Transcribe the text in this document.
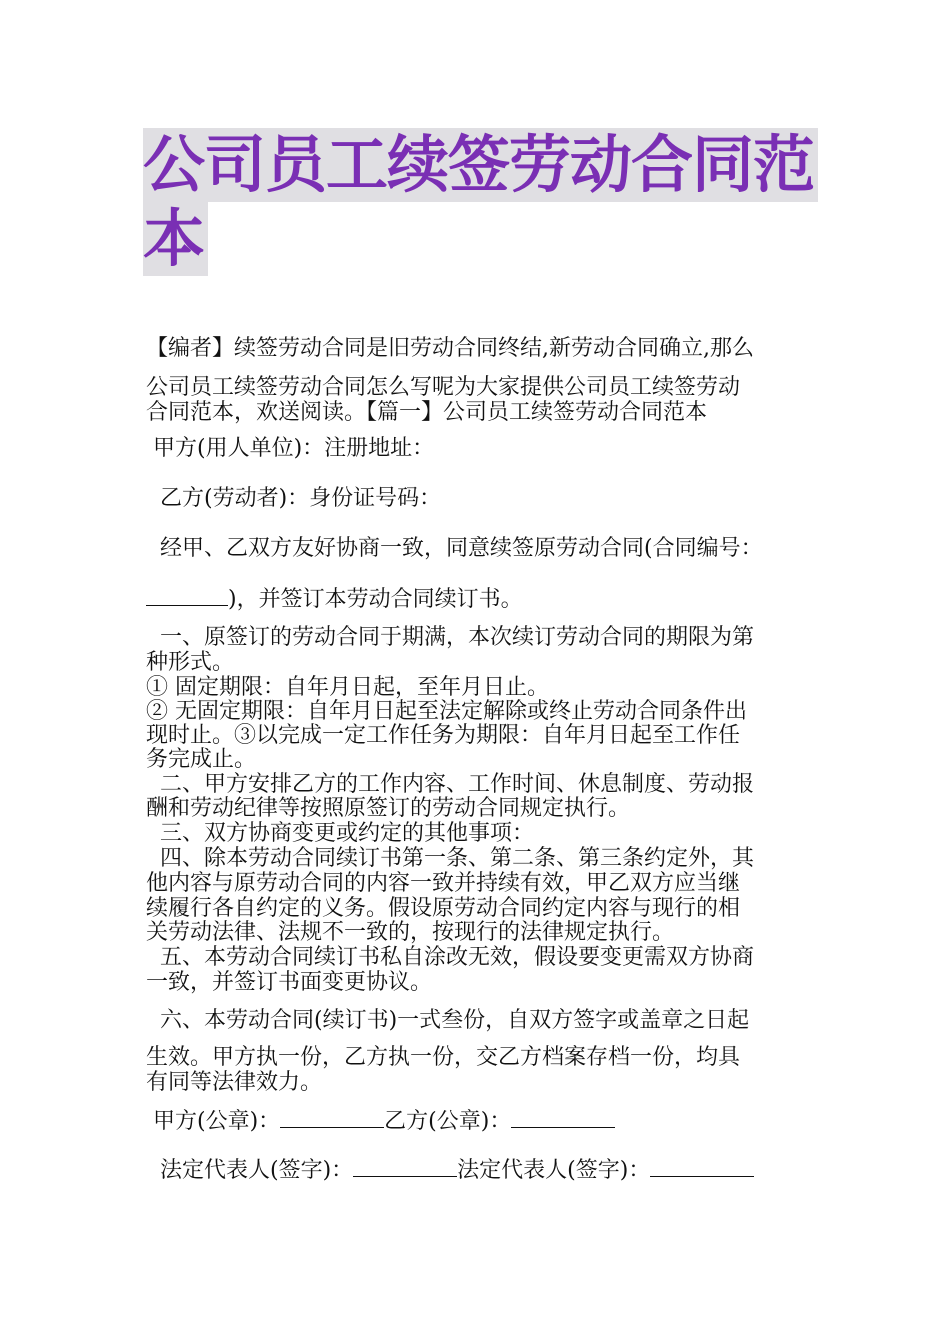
公司员工续签劳动合同范
本

【编者】续签劳动合同是旧劳动合同终结,新劳动合同确立,那么

公司员工续签劳动合同怎么写呢为大家提供公司员工续签劳动

合同范本，欢送阅读。【篇一】公司员工续签劳动合同范本

甲方(用人单位)：注册地址：

乙方(劳动者)：身份证号码：

经甲、乙双方友好协商一致，同意续签原劳动合同(合同编号：

)，并签订本劳动合同续订书。

一、原签订的劳动合同于期满，本次续订劳动合同的期限为第

种形式。

① 固定期限：自年月日起，至年月日止。

② 无固定期限：自年月日起至法定解除或终止劳动合同条件出

现时止。③以完成一定工作任务为期限：自年月日起至工作任

务完成止。

二、甲方安排乙方的工作内容、工作时间、休息制度、劳动报

酬和劳动纪律等按照原签订的劳动合同规定执行。

三、双方协商变更或约定的其他事项：

四、除本劳动合同续订书第一条、第二条、第三条约定外，其

他内容与原劳动合同的内容一致并持续有效，甲乙双方应当继

续履行各自约定的义务。假设原劳动合同约定内容与现行的相

关劳动法律、法规不一致的，按现行的法律规定执行。

五、本劳动合同续订书私自涂改无效，假设要变更需双方协商

一致，并签订书面变更协议。

六、本劳动合同(续订书)一式叁份，自双方签字或盖章之日起

生效。甲方执一份，乙方执一份，交乙方档案存档一份，均具

有同等法律效力。

甲方(公章)：	乙方(公章)：

法定代表人(签字)：	法定代表人(签字)：
